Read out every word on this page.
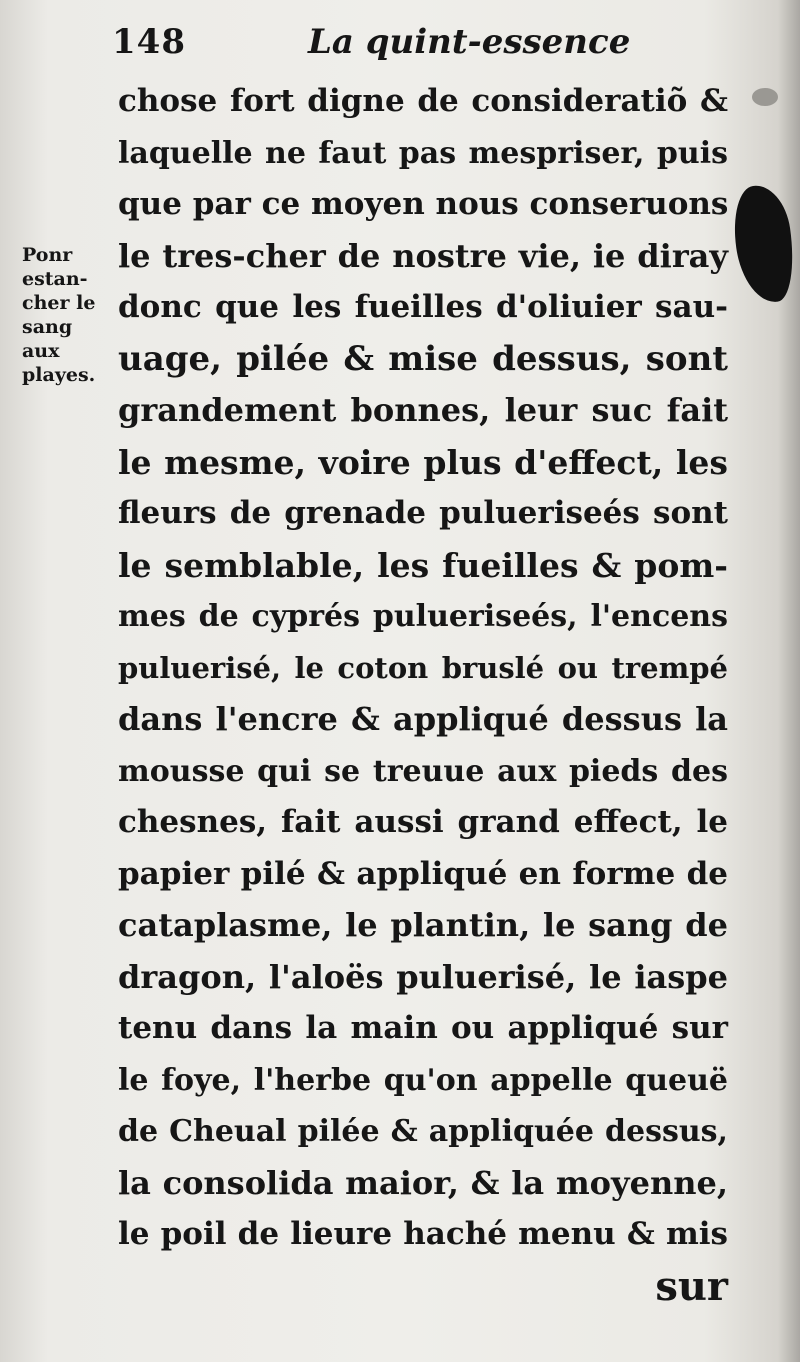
148	La quint-essence
Ponr
estan-
cher le
sang
aux
playes.
chose fort digne de consideratiõ &
laquelle ne faut pas mespriser, puis
que par ce moyen nous conseruons
le tres-cher de nostre vie, ie diray
donc que les fueilles d'oliuier sau-
uage, pilée & mise dessus, sont
grandement bonnes, leur suc fait
le mesme, voire plus d'effect, les
fleurs de grenade pulueriseés sont
le semblable, les fueilles & pom-
mes de cyprés pulueriseés, l'encens
puluerisé, le coton bruslé ou trempé
dans l'encre & appliqué dessus la
mousse qui se treuue aux pieds des
chesnes, fait aussi grand effect, le
papier pilé & appliqué en forme de
cataplasme, le plantin, le sang de
dragon, l'aloës puluerisé, le iaspe
tenu dans la main ou appliqué sur
le foye, l'herbe qu'on appelle queuë
de Cheual pilée & appliquée dessus,
la consolida maior, & la moyenne,
le poil de lieure haché menu & mis
sur
